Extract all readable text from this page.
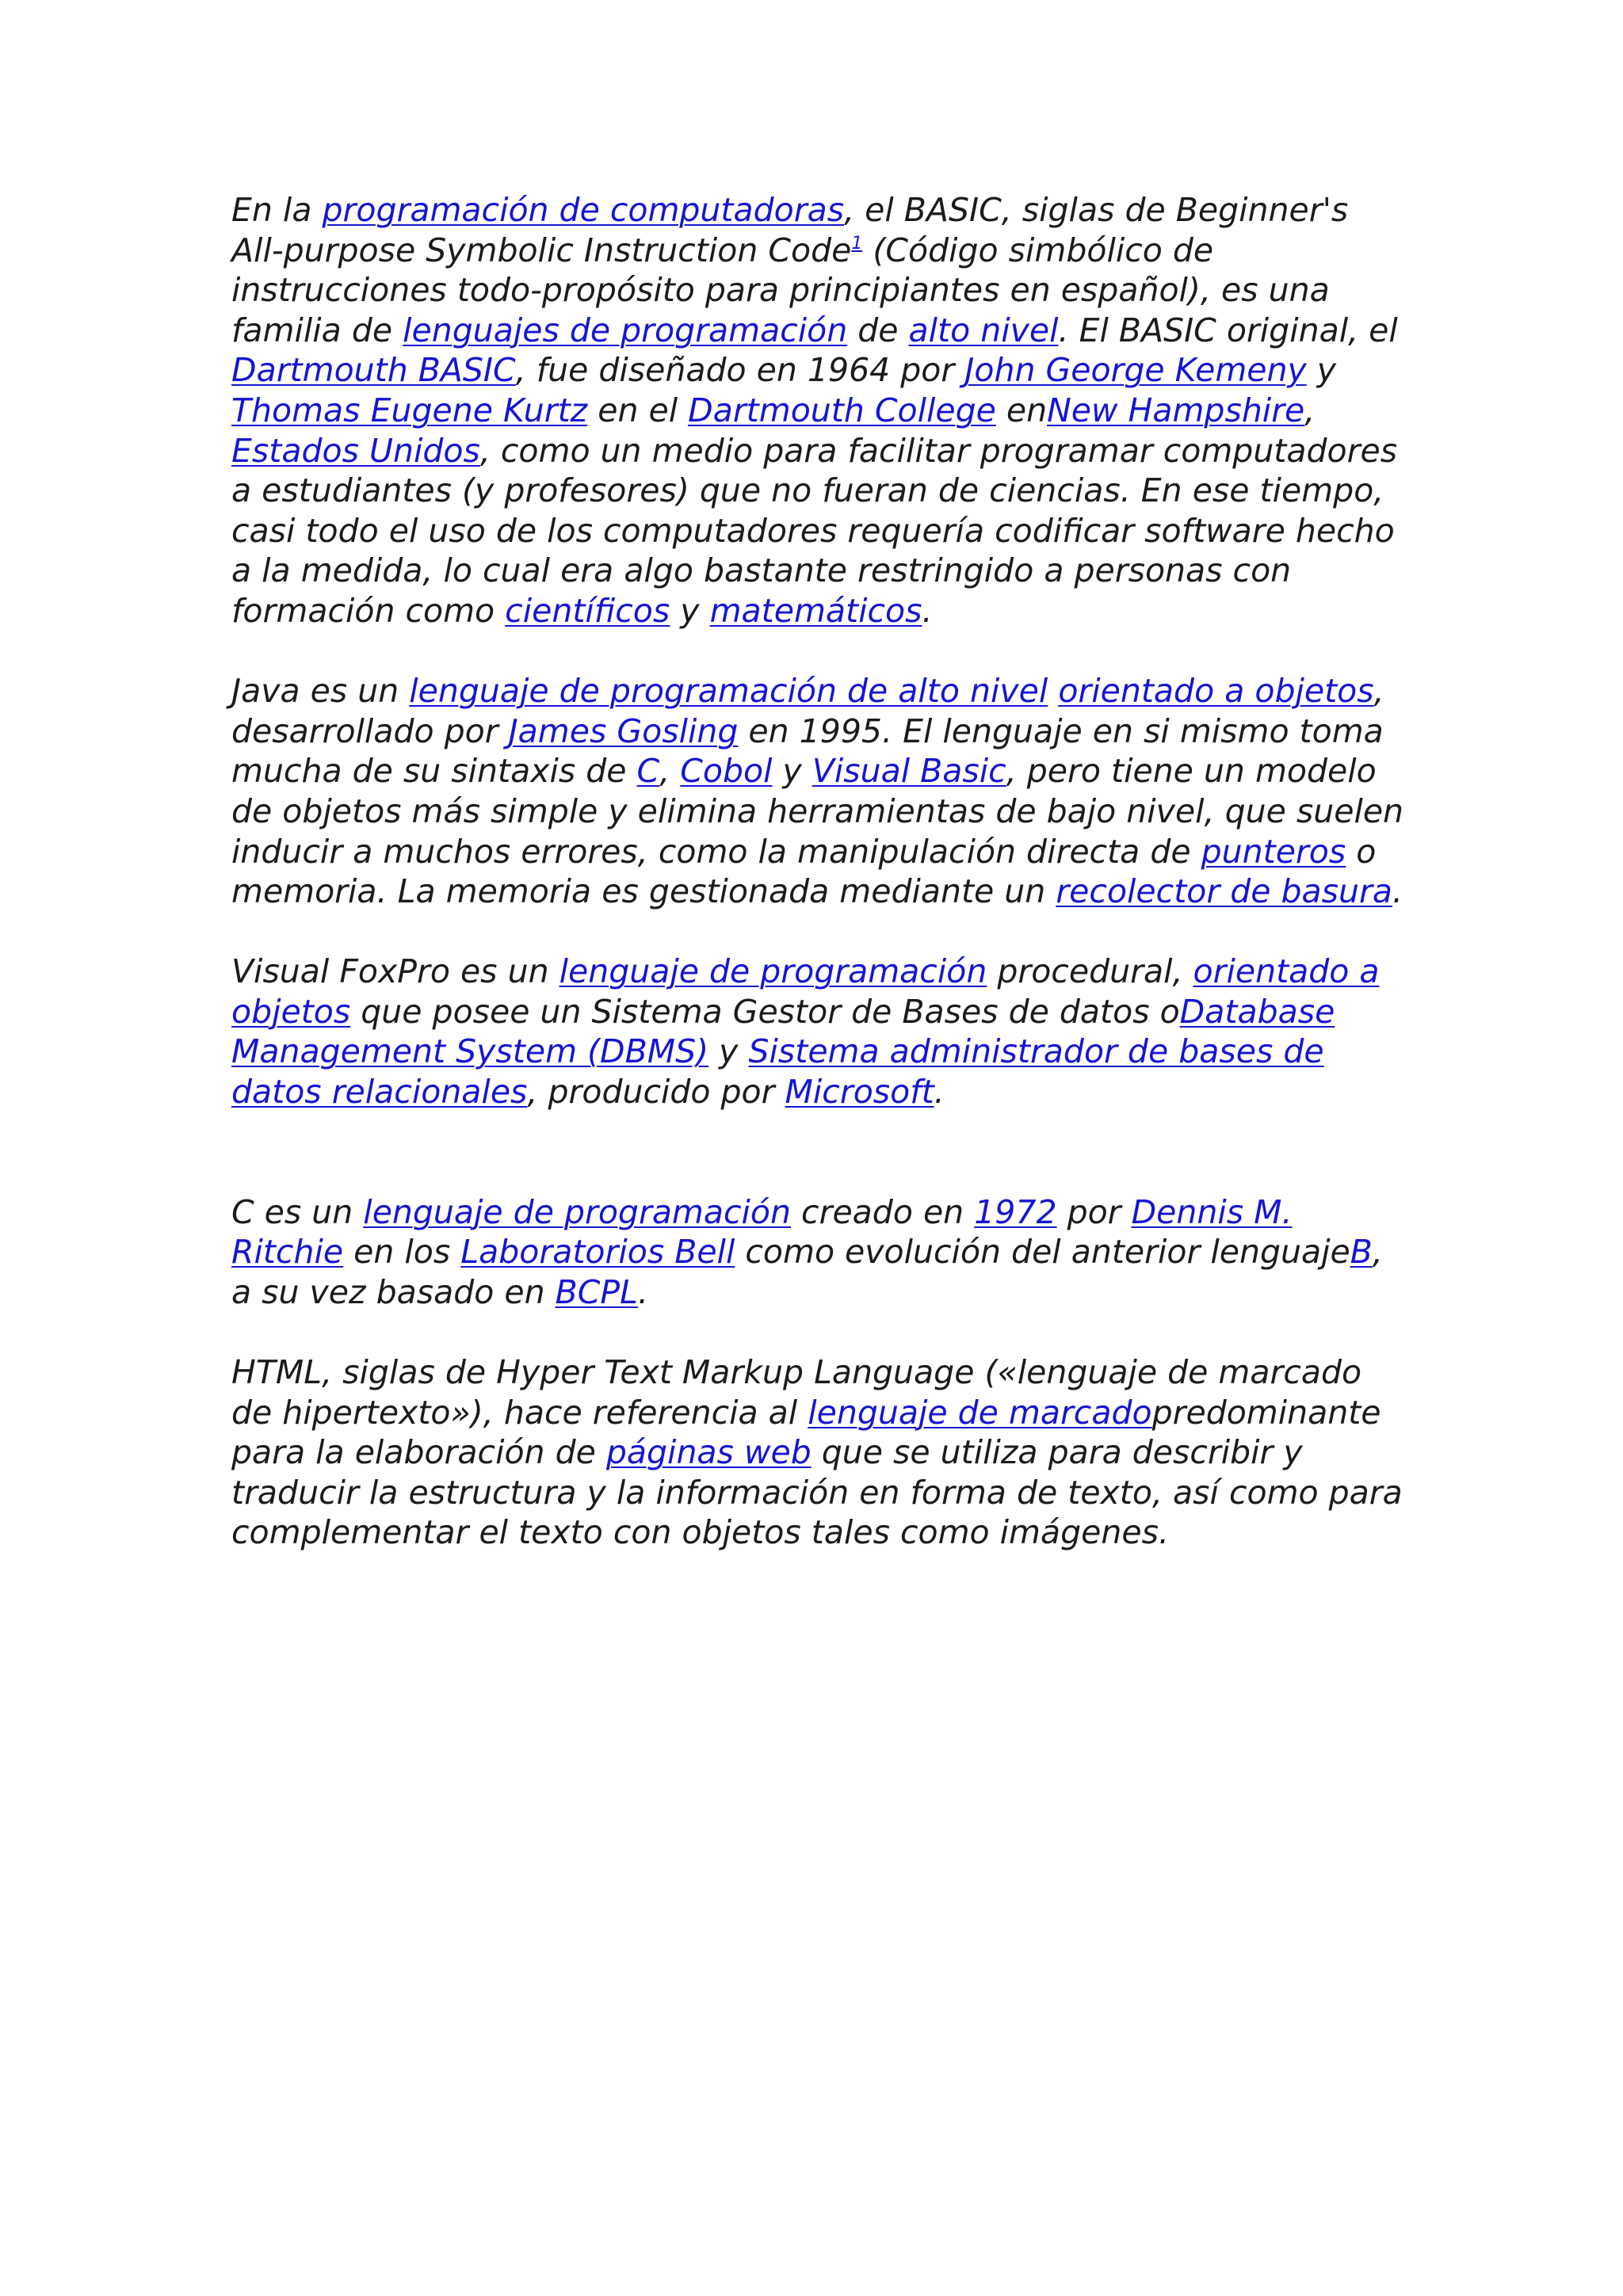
En la programación de computadoras, el BASIC, siglas de Beginner's All-purpose Symbolic Instruction Code$^1$ (Código simbólico de instrucciones todo-propósito para principiantes en español), es una familia de lenguajes de programación de alto nivel. El BASIC original, el Dartmouth BASIC, fue diseñado en 1964 por John George Kemeny y Thomas Eugene Kurtz en el Dartmouth College enNew Hampshire, Estados Unidos, como un medio para facilitar programar computadores a estudiantes (y profesores) que no fueran de ciencias. En ese tiempo, casi todo el uso de los computadores requería codificar software hecho a la medida, lo cual era algo bastante restringido a personas con formación como científicos y matemáticos.

Java es un lenguaje de programación de alto nivel orientado a objetos, desarrollado por James Gosling en 1995. El lenguaje en si mismo toma mucha de su sintaxis de C, Cobol y Visual Basic, pero tiene un modelo de objetos más simple y elimina herramientas de bajo nivel, que suelen inducir a muchos errores, como la manipulación directa de punteros o memoria. La memoria es gestionada mediante un recolector de basura.

Visual FoxPro es un lenguaje de programación procedural, orientado a objetos que posee un Sistema Gestor de Bases de datos oDatabase Management System (DBMS) y Sistema administrador de bases de datos relacionales, producido por Microsoft.

C es un lenguaje de programación creado en 1972 por Dennis M. Ritchie en los Laboratorios Bell como evolución del anterior lenguajeB, a su vez basado en BCPL.

HTML, siglas de Hyper Text Markup Language («lenguaje de marcado de hipertexto»), hace referencia al lenguaje de marcadopredominante para la elaboración de páginas web que se utiliza para describir y traducir la estructura y la información en forma de texto, así como para complementar el texto con objetos tales como imágenes.
